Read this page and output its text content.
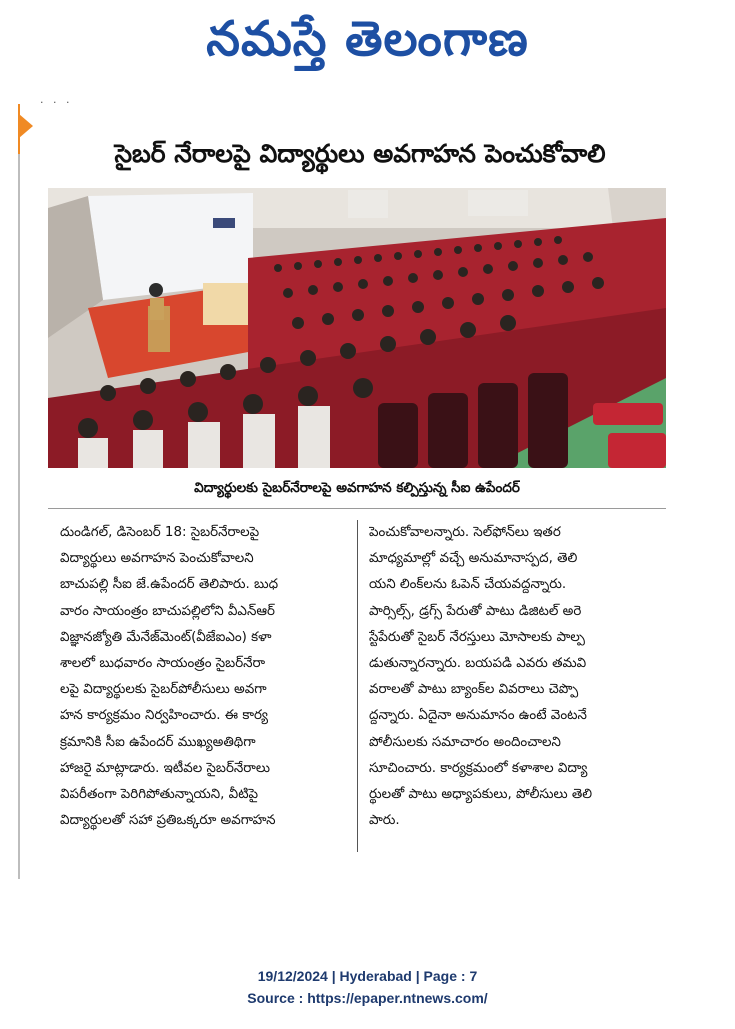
నమస్తే తెలంగాణ
· · · ‌ ‌ ‌ ‌ ‌ ‌ ‌ ‌ ‌ ‌ ‌ ‌ ‌ ‌ ‌ ‌ ‌ ‌ ‌ ‌ ‌ ‌ ‌ ‌ ‌ ‌ ‌ ‌ ‌ ‌ ‌ ‌ ‌ ‌ ‌ ‌ ‌ ‌ ‌ ‌
సైబర్ నేరాలపై విద్యార్థులు అవగాహన పెంచుకోవాలి
విద్యార్థులకు సైబర్‌నేరాలపై అవగాహన కల్పిస్తున్న సీఐ ఉపేందర్
దుండిగల్, డిసెంబర్ 18: సైబర్‌నేరాలపై
విద్యార్థులు అవగాహన పెంచుకోవాలని
బాచుపల్లి సీఐ జే.ఉపేందర్ తెలిపారు. బుధ
వారం సాయంత్రం బాచుపల్లిలోని వీఎన్‌ఆర్
విజ్ఞానజ్యోతి మేనేజ్‌మెంట్(వీజేఐఎం) కళా
శాలలో బుధవారం సాయంత్రం సైబర్‌నేరా
లపై విద్యార్థులకు సైబర్‌పోలీసులు అవగా
హన కార్యక్రమం నిర్వహించారు. ఈ కార్య
క్రమానికి సీఐ ఉపేందర్ ముఖ్యఅతిథిగా
హాజరై మాట్లాడారు. ఇటీవల సైబర్‌నేరాలు
విపరీతంగా పెరిగిపోతున్నాయని, వీటిపై
విద్యార్థులతో సహా ప్రతిఒక్కరూ అవగాహన
పెంచుకోవాలన్నారు. సెల్‌ఫోన్‌లు ఇతర
మాధ్యమాల్లో వచ్చే అనుమానాస్పద, తెలి
యని లింక్‌లను ఓపెన్ చేయవద్దన్నారు.
పార్సిల్స్, డ్రగ్స్ పేరుతో పాటు డిజిటల్ అరె
స్టేపేరుతో సైబర్ నేరస్తులు మోసాలకు పాల్ప
డుతున్నారన్నారు. బయపడి ఎవరు తమవి
వరాలతో పాటు బ్యాంక్‌ల వివరాలు చెప్పొ
ద్దన్నారు. ఏదైనా అనుమానం ఉంటే వెంటనే
పోలీసులకు సమాచారం అందించాలని
సూచించారు. కార్యక్రమంలో కళాశాల విద్యా
ర్థులతో పాటు అధ్యాపకులు, పోలీసులు తెలి
పారు.
19/12/2024 | Hyderabad | Page : 7
Source : https://epaper.ntnews.com/
